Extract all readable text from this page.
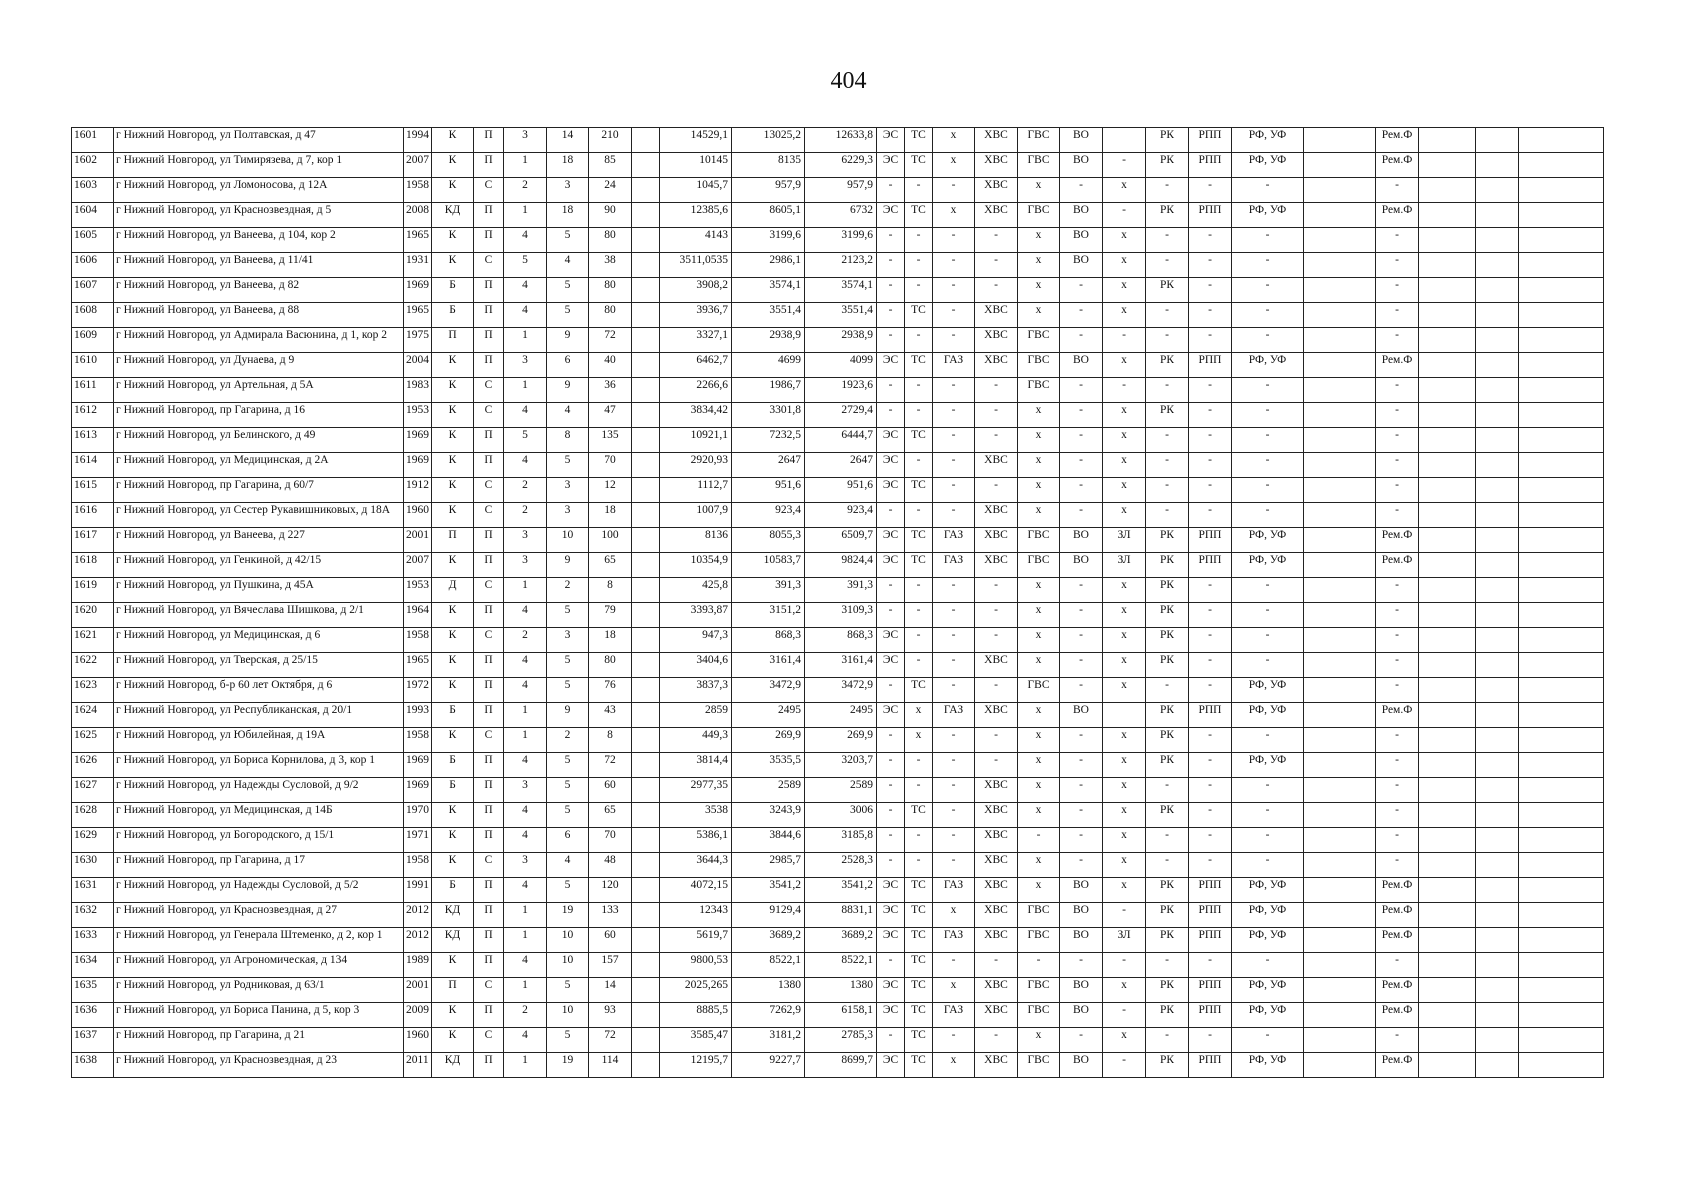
404
1601	г Нижний Новгород, ул Полтавская, д 47	1994	К	П	3	14	210		14529,1	13025,2	12633,8	ЭС	ТС	х	ХВС	ГВС	ВО		РК	РПП	РФ, УФ		Рем.Ф			
1602	г Нижний Новгород, ул Тимирязева, д 7, кор 1	2007	К	П	1	18	85		10145	8135	6229,3	ЭС	ТС	х	ХВС	ГВС	ВО	-	РК	РПП	РФ, УФ		Рем.Ф			
1603	г Нижний Новгород, ул Ломоносова, д 12А	1958	К	С	2	3	24		1045,7	957,9	957,9	-	-	-	ХВС	х	-	х	-	-	-		-			
1604	г Нижний Новгород, ул Краснозвездная, д 5	2008	КД	П	1	18	90		12385,6	8605,1	6732	ЭС	ТС	х	ХВС	ГВС	ВО	-	РК	РПП	РФ, УФ		Рем.Ф			
1605	г Нижний Новгород, ул Ванеева, д 104, кор 2	1965	К	П	4	5	80		4143	3199,6	3199,6	-	-	-	-	х	ВО	х	-	-	-		-			
1606	г Нижний Новгород, ул Ванеева, д 11/41	1931	К	С	5	4	38		3511,0535	2986,1	2123,2	-	-	-	-	х	ВО	х	-	-	-		-			
1607	г Нижний Новгород, ул Ванеева, д 82	1969	Б	П	4	5	80		3908,2	3574,1	3574,1	-	-	-	-	х	-	х	РК	-	-		-			
1608	г Нижний Новгород, ул Ванеева, д 88	1965	Б	П	4	5	80		3936,7	3551,4	3551,4	-	ТС	-	ХВС	х	-	х	-	-	-		-			
1609	г Нижний Новгород, ул Адмирала Васюнина, д 1, кор 2	1975	П	П	1	9	72		3327,1	2938,9	2938,9	-	-	-	ХВС	ГВС	-	-	-	-	-		-			
1610	г Нижний Новгород, ул Дунаева, д 9	2004	К	П	3	6	40		6462,7	4699	4099	ЭС	ТС	ГАЗ	ХВС	ГВС	ВО	х	РК	РПП	РФ, УФ		Рем.Ф			
1611	г Нижний Новгород, ул Артельная, д 5А	1983	К	С	1	9	36		2266,6	1986,7	1923,6	-	-	-	-	ГВС	-	-	-	-	-		-			
1612	г Нижний Новгород, пр Гагарина, д 16	1953	К	С	4	4	47		3834,42	3301,8	2729,4	-	-	-	-	х	-	х	РК	-	-		-			
1613	г Нижний Новгород, ул Белинского, д 49	1969	К	П	5	8	135		10921,1	7232,5	6444,7	ЭС	ТС	-	-	х	-	х	-	-	-		-			
1614	г Нижний Новгород, ул Медицинская, д 2А	1969	К	П	4	5	70		2920,93	2647	2647	ЭС	-	-	ХВС	х	-	х	-	-	-		-			
1615	г Нижний Новгород, пр Гагарина, д 60/7	1912	К	С	2	3	12		1112,7	951,6	951,6	ЭС	ТС	-	-	х	-	х	-	-	-		-			
1616	г Нижний Новгород, ул Сестер Рукавишниковых, д 18А	1960	К	С	2	3	18		1007,9	923,4	923,4	-	-	-	ХВС	х	-	х	-	-	-		-			
1617	г Нижний Новгород, ул Ванеева, д 227	2001	П	П	3	10	100		8136	8055,3	6509,7	ЭС	ТС	ГАЗ	ХВС	ГВС	ВО	ЗЛ	РК	РПП	РФ, УФ		Рем.Ф			
1618	г Нижний Новгород, ул Генкиной, д 42/15	2007	К	П	3	9	65		10354,9	10583,7	9824,4	ЭС	ТС	ГАЗ	ХВС	ГВС	ВО	ЗЛ	РК	РПП	РФ, УФ		Рем.Ф			
1619	г Нижний Новгород, ул Пушкина, д 45А	1953	Д	С	1	2	8		425,8	391,3	391,3	-	-	-	-	х	-	х	РК	-	-		-			
1620	г Нижний Новгород, ул Вячеслава Шишкова, д 2/1	1964	К	П	4	5	79		3393,87	3151,2	3109,3	-	-	-	-	х	-	х	РК	-	-		-			
1621	г Нижний Новгород, ул Медицинская, д 6	1958	К	С	2	3	18		947,3	868,3	868,3	ЭС	-	-	-	х	-	х	РК	-	-		-			
1622	г Нижний Новгород, ул Тверская, д 25/15	1965	К	П	4	5	80		3404,6	3161,4	3161,4	ЭС	-	-	ХВС	х	-	х	РК	-	-		-			
1623	г Нижний Новгород, б-р 60 лет Октября, д 6	1972	К	П	4	5	76		3837,3	3472,9	3472,9	-	ТС	-	-	ГВС	-	х	-	-	РФ, УФ		-			
1624	г Нижний Новгород, ул Республиканская, д 20/1	1993	Б	П	1	9	43		2859	2495	2495	ЭС	х	ГАЗ	ХВС	х	ВО		РК	РПП	РФ, УФ		Рем.Ф			
1625	г Нижний Новгород, ул Юбилейная, д 19А	1958	К	С	1	2	8		449,3	269,9	269,9	-	х	-	-	х	-	х	РК	-	-		-			
1626	г Нижний Новгород, ул Бориса Корнилова, д 3, кор 1	1969	Б	П	4	5	72		3814,4	3535,5	3203,7	-	-	-	-	х	-	х	РК	-	РФ, УФ		-			
1627	г Нижний Новгород, ул Надежды Сусловой, д 9/2	1969	Б	П	3	5	60		2977,35	2589	2589	-	-	-	ХВС	х	-	х	-	-	-		-			
1628	г Нижний Новгород, ул Медицинская, д 14Б	1970	К	П	4	5	65		3538	3243,9	3006	-	ТС	-	ХВС	х	-	х	РК	-	-		-			
1629	г Нижний Новгород, ул Богородского, д 15/1	1971	К	П	4	6	70		5386,1	3844,6	3185,8	-	-	-	ХВС	-	-	х	-	-	-		-			
1630	г Нижний Новгород, пр Гагарина, д 17	1958	К	С	3	4	48		3644,3	2985,7	2528,3	-	-	-	ХВС	х	-	х	-	-	-		-			
1631	г Нижний Новгород, ул Надежды Сусловой, д 5/2	1991	Б	П	4	5	120		4072,15	3541,2	3541,2	ЭС	ТС	ГАЗ	ХВС	х	ВО	х	РК	РПП	РФ, УФ		Рем.Ф			
1632	г Нижний Новгород, ул Краснозвездная, д 27	2012	КД	П	1	19	133		12343	9129,4	8831,1	ЭС	ТС	х	ХВС	ГВС	ВО	-	РК	РПП	РФ, УФ		Рем.Ф			
1633	г Нижний Новгород, ул Генерала Штеменко, д 2, кор 1	2012	КД	П	1	10	60		5619,7	3689,2	3689,2	ЭС	ТС	ГАЗ	ХВС	ГВС	ВО	ЗЛ	РК	РПП	РФ, УФ		Рем.Ф			
1634	г Нижний Новгород, ул Агрономическая, д 134	1989	К	П	4	10	157		9800,53	8522,1	8522,1	-	ТС	-	-	-	-	-	-	-	-		-			
1635	г Нижний Новгород, ул Родниковая, д 63/1	2001	П	С	1	5	14		2025,265	1380	1380	ЭС	ТС	х	ХВС	ГВС	ВО	х	РК	РПП	РФ, УФ		Рем.Ф			
1636	г Нижний Новгород, ул Бориса Панина, д 5, кор 3	2009	К	П	2	10	93		8885,5	7262,9	6158,1	ЭС	ТС	ГАЗ	ХВС	ГВС	ВО	-	РК	РПП	РФ, УФ		Рем.Ф			
1637	г Нижний Новгород, пр Гагарина, д 21	1960	К	С	4	5	72		3585,47	3181,2	2785,3	-	ТС	-	-	х	-	х	-	-	-		-			
1638	г Нижний Новгород, ул Краснозвездная, д 23	2011	КД	П	1	19	114		12195,7	9227,7	8699,7	ЭС	ТС	х	ХВС	ГВС	ВО	-	РК	РПП	РФ, УФ		Рем.Ф			
